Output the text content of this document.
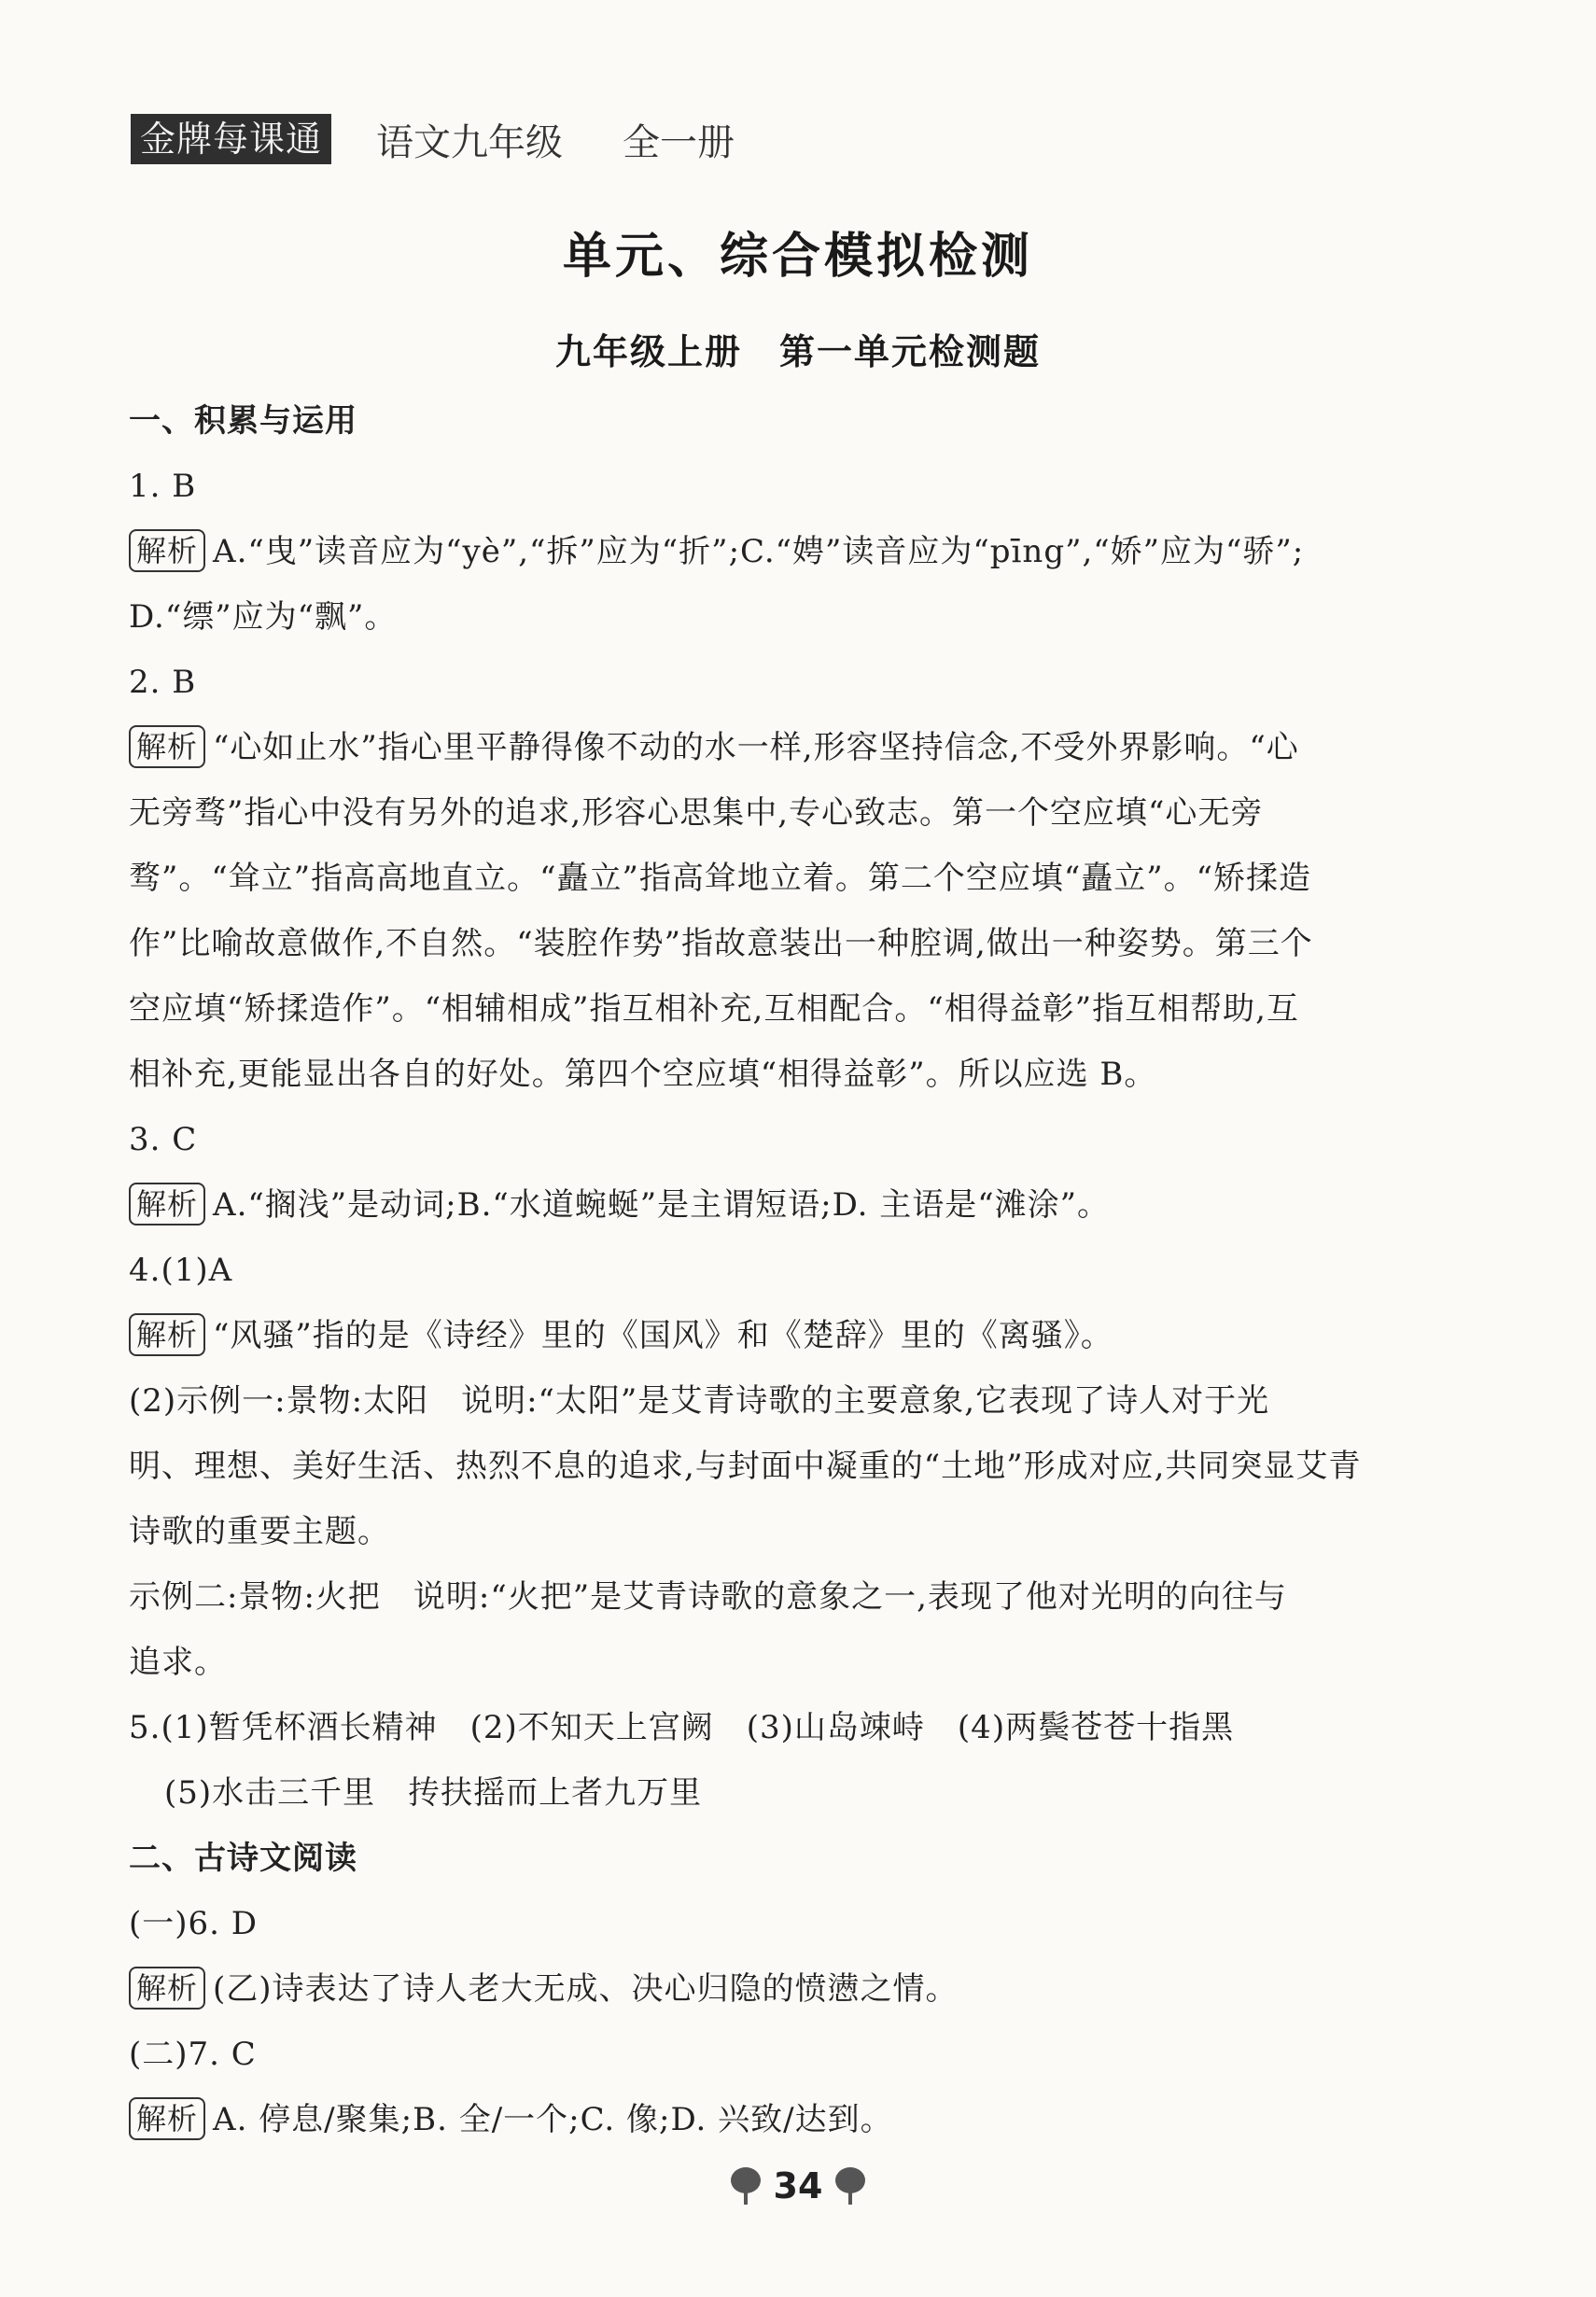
金牌每课通 语文九年级 全一册
单元、综合模拟检测
九年级上册　第一单元检测题
一、积累与运用
1. B
解析 A.“曳”读音应为“yè”,“拆”应为“折”;C.“娉”读音应为“pīng”,“娇”应为“骄”;
D.“缥”应为“飘”。
2. B
解析 “心如止水”指心里平静得像不动的水一样,形容坚持信念,不受外界影响。“心
无旁骛”指心中没有另外的追求,形容心思集中,专心致志。第一个空应填“心无旁
骛”。“耸立”指高高地直立。“矗立”指高耸地立着。第二个空应填“矗立”。“矫揉造
作”比喻故意做作,不自然。“装腔作势”指故意装出一种腔调,做出一种姿势。第三个
空应填“矫揉造作”。“相辅相成”指互相补充,互相配合。“相得益彰”指互相帮助,互
相补充,更能显出各自的好处。第四个空应填“相得益彰”。所以应选 B。
3. C
解析 A.“搁浅”是动词;B.“水道蜿蜒”是主谓短语;D. 主语是“滩涂”。
4.(1)A
解析 “风骚”指的是《诗经》里的《国风》和《楚辞》里的《离骚》。
(2)示例一:景物:太阳　说明:“太阳”是艾青诗歌的主要意象,它表现了诗人对于光
明、理想、美好生活、热烈不息的追求,与封面中凝重的“土地”形成对应,共同突显艾青
诗歌的重要主题。
示例二:景物:火把　说明:“火把”是艾青诗歌的意象之一,表现了他对光明的向往与
追求。
5.(1)暂凭杯酒长精神　(2)不知天上宫阙　(3)山岛竦峙　(4)两鬓苍苍十指黑
(5)水击三千里　抟扶摇而上者九万里
二、古诗文阅读
(一)6. D
解析 (乙)诗表达了诗人老大无成、决心归隐的愤懑之情。
(二)7. C
解析 A. 停息/聚集;B. 全/一个;C. 像;D. 兴致/达到。
34
